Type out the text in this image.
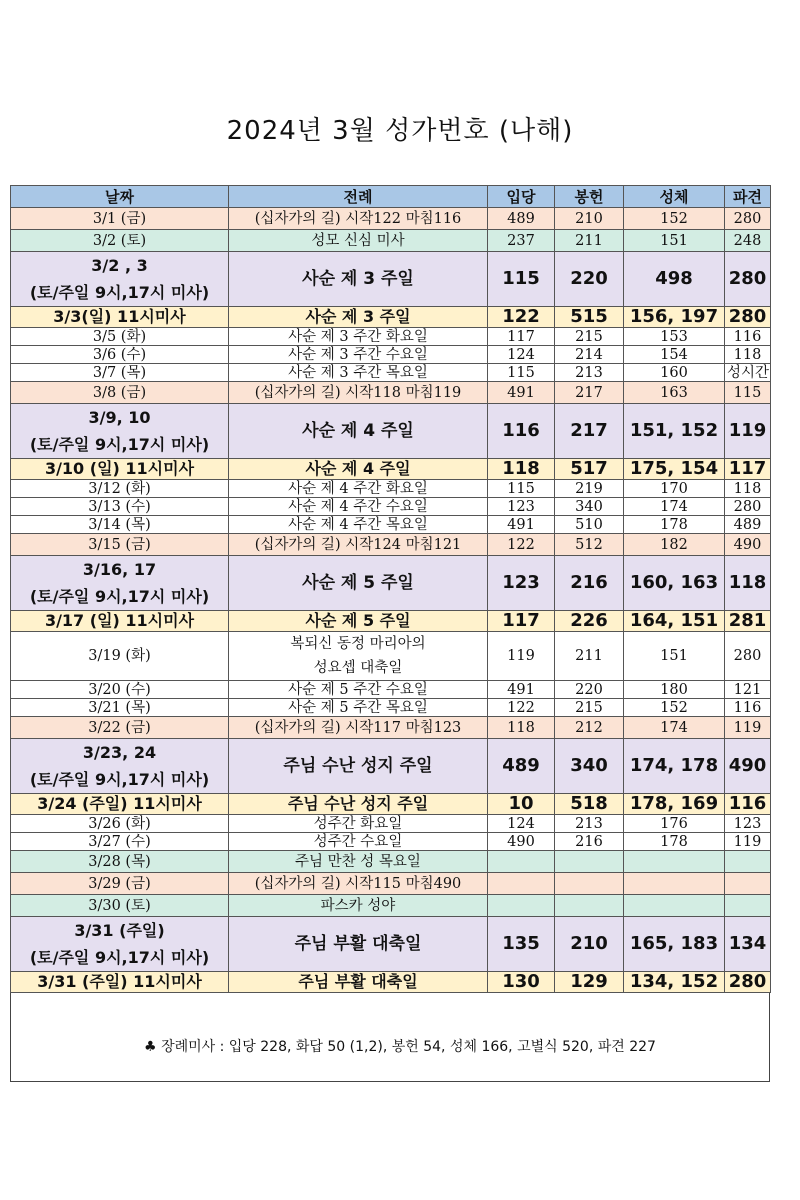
2024년 3월 성가번호 (나해)
날짜	전례	입당	봉헌	성체	파견
3/1 (금)	(십자가의 길) 시작122 마침116	489	210	152	280
3/2 (토)	성모 신심 미사	237	211	151	248

3/2 , 3
(토/주일 9시,17시 미사)	사순 제 3 주일	115	220	498	280
3/3(일) 11시미사	사순 제 3 주일	122	515	156, 197	280
3/5 (화)	사순 제 3 주간 화요일	117	215	153	116
3/6 (수)	사순 제 3 주간 수요일	124	214	154	118
3/7 (목)	사순 제 3 주간 목요일	115	213	160	성시간
3/8 (금)	(십자가의 길) 시작118 마침119	491	217	163	115

3/9, 10
(토/주일 9시,17시 미사)	사순 제 4 주일	116	217	151, 152	119
3/10 (일) 11시미사	사순 제 4 주일	118	517	175, 154	117
3/12 (화)	사순 제 4 주간 화요일	115	219	170	118
3/13 (수)	사순 제 4 주간 수요일	123	340	174	280
3/14 (목)	사순 제 4 주간 목요일	491	510	178	489
3/15 (금)	(십자가의 길) 시작124 마침121	122	512	182	490

3/16, 17
(토/주일 9시,17시 미사)	사순 제 5 주일	123	216	160, 163	118
3/17 (일) 11시미사	사순 제 5 주일	117	226	164, 151	281
3/19 (화)	복되신 동정 마리아의
성요셉 대축일	119	211	151	280
3/20 (수)	사순 제 5 주간 수요일	491	220	180	121
3/21 (목)	사순 제 5 주간 목요일	122	215	152	116
3/22 (금)	(십자가의 길) 시작117 마침123	118	212	174	119

3/23, 24
(토/주일 9시,17시 미사)	주님 수난 성지 주일	489	340	174, 178	490
3/24 (주일) 11시미사	주님 수난 성지 주일	10	518	178, 169	116
3/26 (화)	성주간 화요일	124	213	176	123
3/27 (수)	성주간 수요일	490	216	178	119
3/28 (목)	주님 만찬 성 목요일				
3/29 (금)	(십자가의 길) 시작115 마침490				
3/30 (토)	파스카 성야				

3/31 (주일)
(토/주일 9시,17시 미사)	주님 부활 대축일	135	210	165, 183	134
3/31 (주일) 11시미사	주님 부활 대축일	130	129	134, 152	280
♣ 장례미사 : 입당 228, 화답 50 (1,2), 봉헌 54, 성체 166, 고별식 520, 파견 227
